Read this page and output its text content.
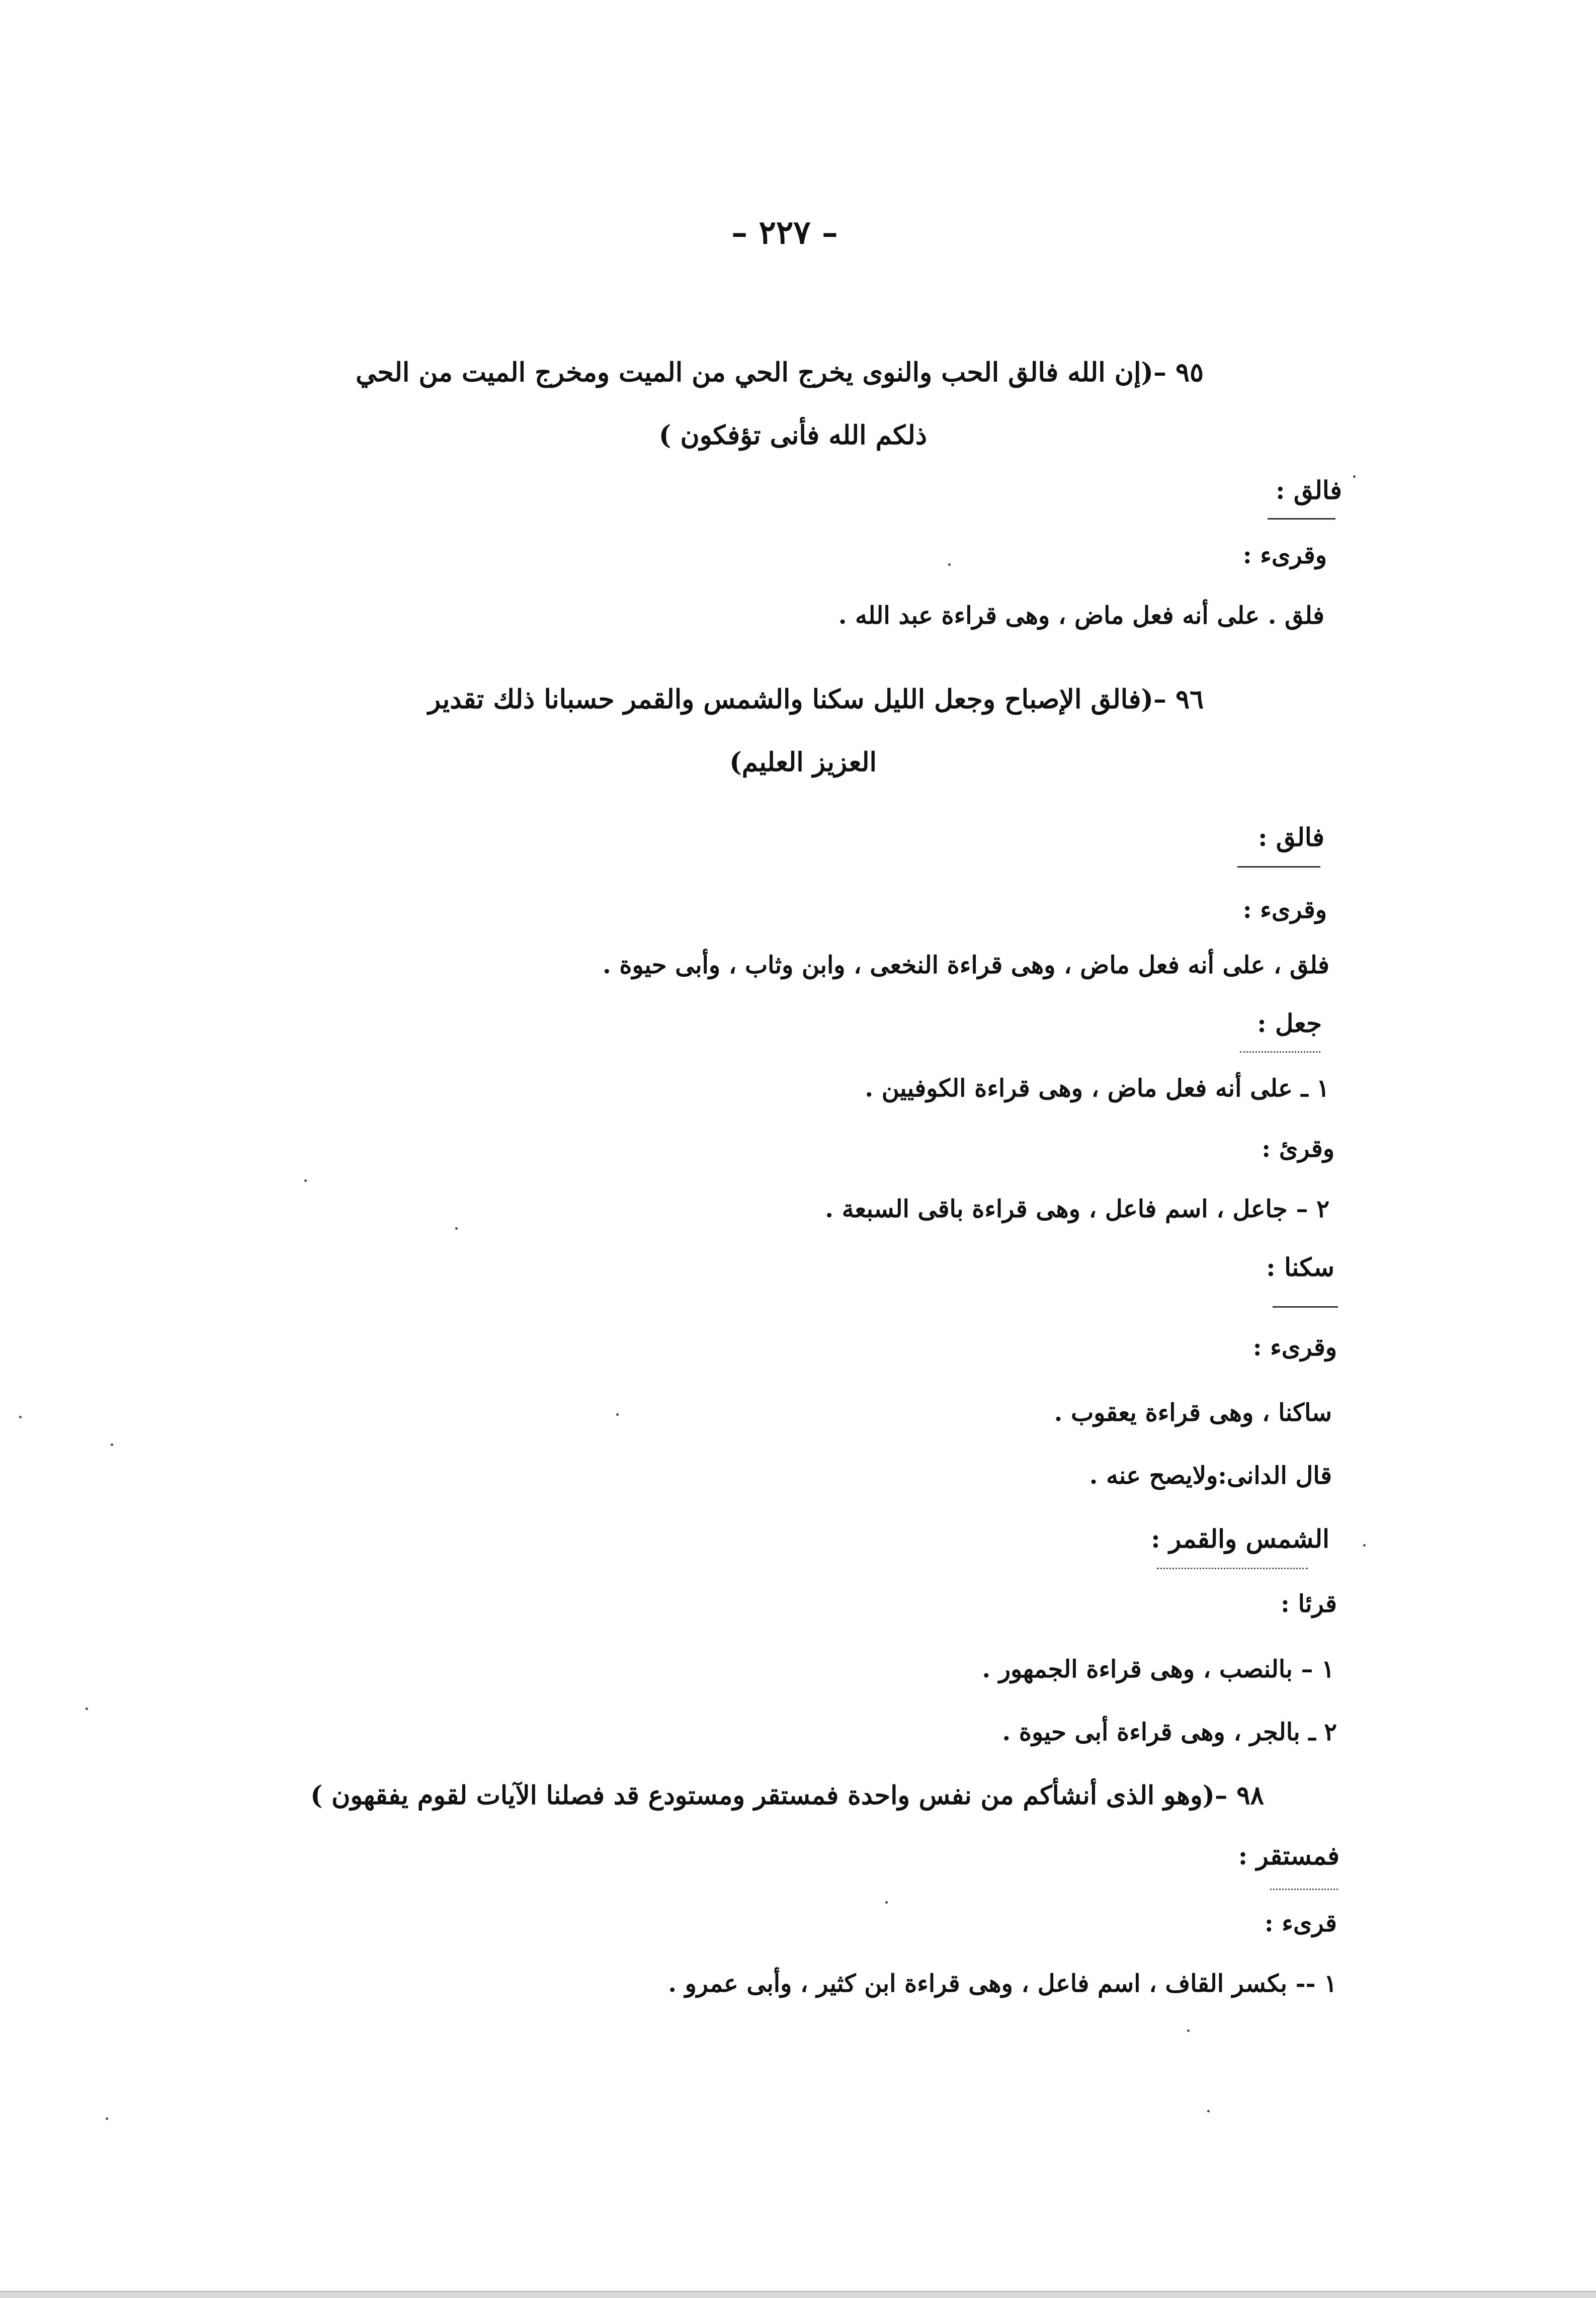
– ٢٢٧ –
٩٥ –(إن الله فالق الحب والنوى يخرج الحي من الميت ومخرج الميت من الحي
ذلكم الله فأنى تؤفكون )
فالق :
وقرىء :
فلق . على أنه فعل ماض ، وهى قراءة عبد الله .
٩٦ –(فالق الإصباح وجعل الليل سكنا والشمس والقمر حسبانا ذلك تقدير
العزيز العليم)
فالق :
وقرىء :
فلق ، على أنه فعل ماض ، وهى قراءة النخعى ، وابن وثاب ، وأبى حيوة .
جعل :
١ ـ على أنه فعل ماض ، وهى قراءة الكوفيين .
وقرئ :
٢ – جاعل ، اسم فاعل ، وهى قراءة باقى السبعة .
سكنا :
وقرىء :
ساكنا ، وهى قراءة يعقوب .
قال الدانى:ولايصح عنه .
الشمس والقمر :
قرئا :
١ – بالنصب ، وهى قراءة الجمهور .
٢ ـ بالجر ، وهى قراءة أبى حيوة .
٩٨ –(وهو الذى أنشأكم من نفس واحدة فمستقر ومستودع قد فصلنا الآيات لقوم يفقهون )
فمستقر :
قرىء :
١ -- بكسر القاف ، اسم فاعل ، وهى قراءة ابن كثير ، وأبى عمرو .
